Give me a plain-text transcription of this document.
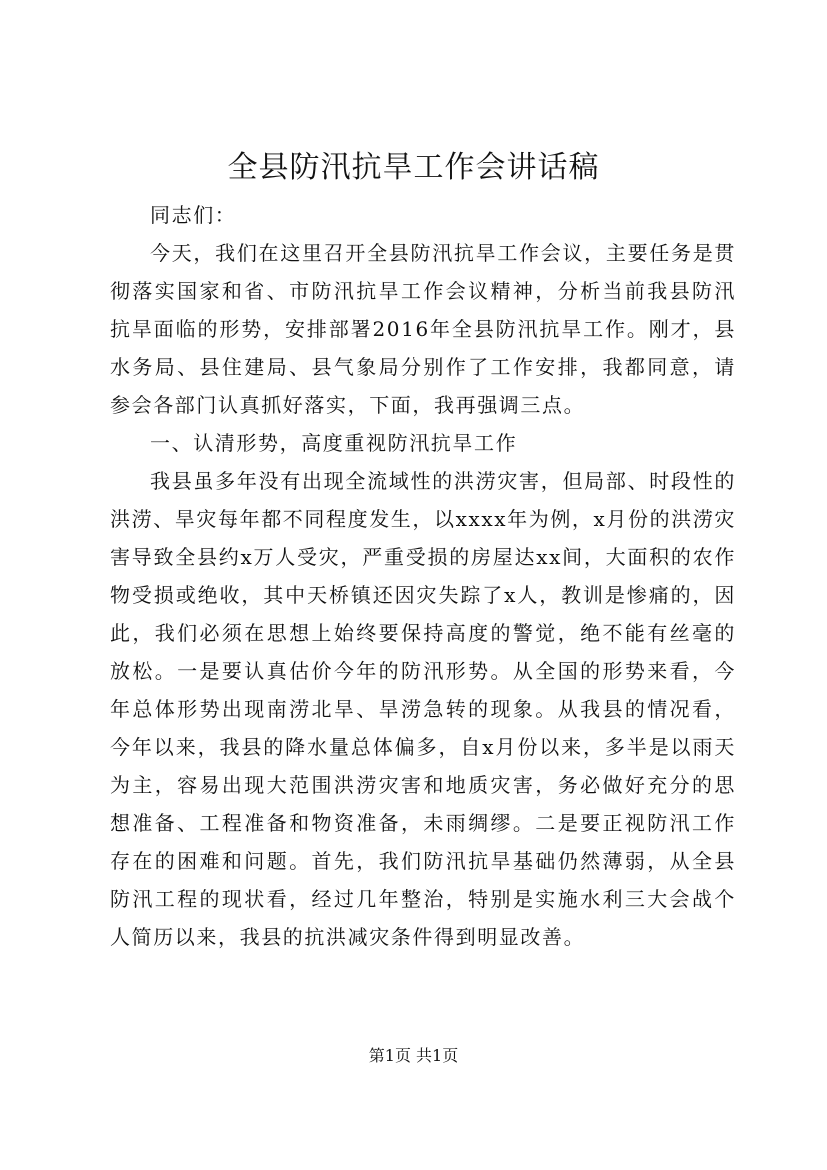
全县防汛抗旱工作会讲话稿

同志们：

今天，我们在这里召开全县防汛抗旱工作会议，主要任务是贯彻落实国家和省、市防汛抗旱工作会议精神，分析当前我县防汛抗旱面临的形势，安排部署2016年全县防汛抗旱工作。刚才，县水务局、县住建局、县气象局分别作了工作安排，我都同意，请参会各部门认真抓好落实，下面，我再强调三点。

一、认清形势，高度重视防汛抗旱工作

我县虽多年没有出现全流域性的洪涝灾害，但局部、时段性的洪涝、旱灾每年都不同程度发生，以xxxx年为例，x月份的洪涝灾害导致全县约x万人受灾，严重受损的房屋达xx间，大面积的农作物受损或绝收，其中天桥镇还因灾失踪了x人，教训是惨痛的，因此，我们必须在思想上始终要保持高度的警觉，绝不能有丝毫的放松。一是要认真估价今年的防汛形势。从全国的形势来看，今年总体形势出现南涝北旱、旱涝急转的现象。从我县的情况看，今年以来，我县的降水量总体偏多，自x月份以来，多半是以雨天为主，容易出现大范围洪涝灾害和地质灾害，务必做好充分的思想准备、工程准备和物资准备，未雨绸缪。二是要正视防汛工作存在的困难和问题。首先，我们防汛抗旱基础仍然薄弱，从全县防汛工程的现状看，经过几年整治，特别是实施水利三大会战个人简历以来，我县的抗洪减灾条件得到明显改善。

第1页 共1页
